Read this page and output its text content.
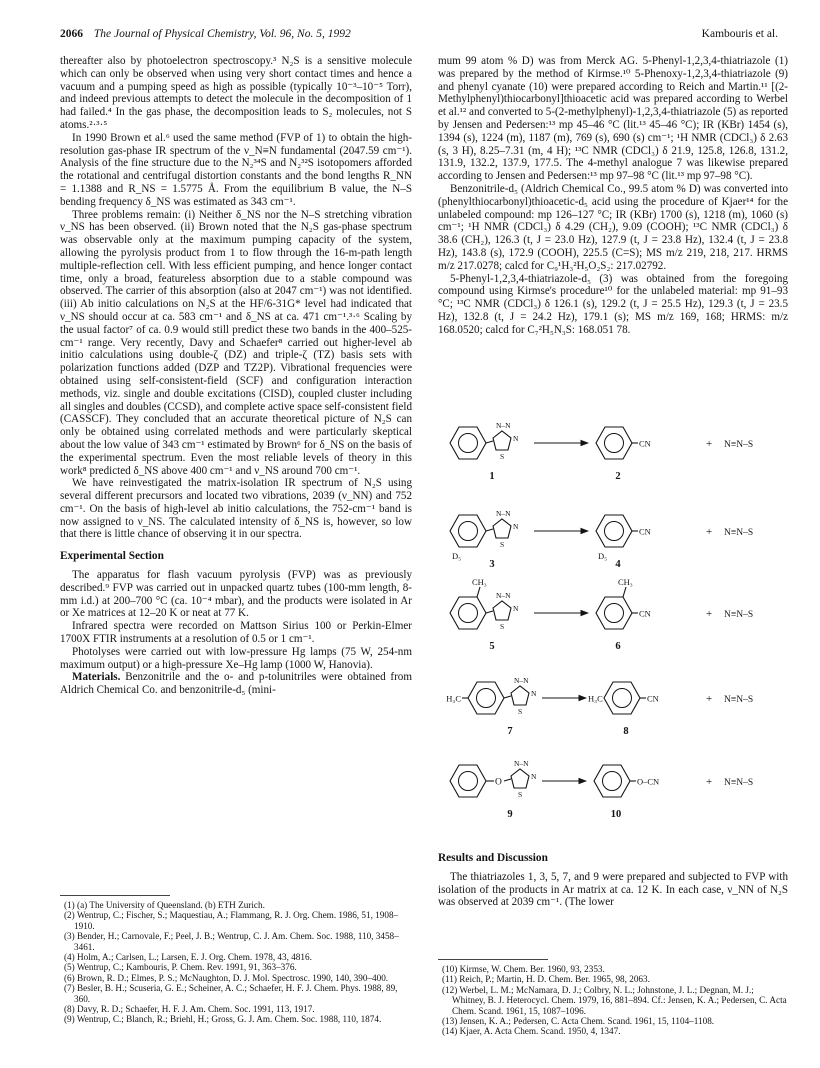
2066 The Journal of Physical Chemistry, Vol. 96, No. 5, 1992	Kambouris et al.

thereafter also by photoelectron spectroscopy.³ N₂S is a sensitive molecule which can only be observed when using very short contact times and hence a vacuum and a pumping speed as high as possible (typically 10⁻³–10⁻⁵ Torr), and indeed previous attempts to detect the molecule in the decomposition of 1 had failed.⁴ In the gas phase, the decomposition leads to S₂ molecules, not S atoms.²·³·⁵

In 1990 Brown et al.⁶ used the same method (FVP of 1) to obtain the high-resolution gas-phase IR spectrum of the ν_N≡N fundamental (2047.59 cm⁻¹). Analysis of the fine structure due to the N₂³⁴S and N₂³²S isotopomers afforded the rotational and centrifugal distortion constants and the bond lengths R_NN = 1.1388 and R_NS = 1.5775 Å. From the equilibrium B value, the N–S bending frequency δ_NS was estimated as 343 cm⁻¹.

Three problems remain: (i) Neither δ_NS nor the N–S stretching vibration ν_NS has been observed. (ii) Brown noted that the N₂S gas-phase spectrum was observable only at the maximum pumping capacity of the system, allowing the pyrolysis product from 1 to flow through the 16-m-path length multiple-reflection cell. With less efficient pumping, and hence longer contact time, only a broad, featureless absorption due to a stable compound was observed. The carrier of this absorption (also at 2047 cm⁻¹) was not identified. (iii) Ab initio calculations on N₂S at the HF/6-31G* level had indicated that ν_NS should occur at ca. 583 cm⁻¹ and δ_NS at ca. 471 cm⁻¹.³·⁶ Scaling by the usual factor⁷ of ca. 0.9 would still predict these two bands in the 400–525-cm⁻¹ range. Very recently, Davy and Schaefer⁸ carried out higher-level ab initio calculations using double-ζ (DZ) and triple-ζ (TZ) basis sets with polarization functions added (DZP and TZ2P). Vibrational frequencies were obtained using self-consistent-field (SCF) and configuration interaction methods, viz. single and double excitations (CISD), coupled cluster including all singles and doubles (CCSD), and complete active space self-consistent field (CASSCF). They concluded that an accurate theoretical picture of N₂S can only be obtained using correlated methods and were particularly skeptical about the low value of 343 cm⁻¹ estimated by Brown⁶ for δ_NS on the basis of the experimental spectrum. Even the most reliable levels of theory in this work⁸ predicted δ_NS above 400 cm⁻¹ and ν_NS around 700 cm⁻¹.

We have reinvestigated the matrix-isolation IR spectrum of N₂S using several different precursors and located two vibrations, 2039 (ν_NN) and 752 cm⁻¹. On the basis of high-level ab initio calculations, the 752-cm⁻¹ band is now assigned to ν_NS. The calculated intensity of δ_NS is, however, so low that there is little chance of observing it in our spectra.

Experimental Section

The apparatus for flash vacuum pyrolysis (FVP) was as previously described.⁹ FVP was carried out in unpacked quartz tubes (100-mm length, 8-mm i.d.) at 200–700 °C (ca. 10⁻⁴ mbar), and the products were isolated in Ar or Xe matrices at 12–20 K or neat at 77 K.

Infrared spectra were recorded on Mattson Sirius 100 or Perkin-Elmer 1700X FTIR instruments at a resolution of 0.5 or 1 cm⁻¹.

Photolyses were carried out with low-pressure Hg lamps (75 W, 254-nm maximum output) or a high-pressure Xe–Hg lamp (1000 W, Hanovia).

Materials. Benzonitrile and the o- and p-tolunitriles were obtained from Aldrich Chemical Co. and benzonitrile-d₅ (mini-

(1) (a) The University of Queensland. (b) ETH Zurich.
(2) Wentrup, C.; Fischer, S.; Maquestiau, A.; Flammang, R. J. Org. Chem. 1986, 51, 1908–1910.
(3) Bender, H.; Carnovale, F.; Peel, J. B.; Wentrup, C. J. Am. Chem. Soc. 1988, 110, 3458–3461.
(4) Holm, A.; Carlsen, L.; Larsen, E. J. Org. Chem. 1978, 43, 4816.
(5) Wentrup, C.; Kambouris, P. Chem. Rev. 1991, 91, 363–376.
(6) Brown, R. D.; Elmes, P. S.; McNaughton, D. J. Mol. Spectrosc. 1990, 140, 390–400.
(7) Besler, B. H.; Scuseria, G. E.; Scheiner, A. C.; Schaefer, H. F. J. Chem. Phys. 1988, 89, 360.
(8) Davy, R. D.; Schaefer, H. F. J. Am. Chem. Soc. 1991, 113, 1917.
(9) Wentrup, C.; Blanch, R.; Briehl, H.; Gross, G. J. Am. Chem. Soc. 1988, 110, 1874.

mum 99 atom % D) was from Merck AG. 5-Phenyl-1,2,3,4-thiatriazole (1) was prepared by the method of Kirmse.¹⁰ 5-Phenoxy-1,2,3,4-thiatriazole (9) and phenyl cyanate (10) were prepared according to Reich and Martin.¹¹ [(2-Methylphenyl)thiocarbonyl]thioacetic acid was prepared according to Werbel et al.¹² and converted to 5-(2-methylphenyl)-1,2,3,4-thiatriazole (5) as reported by Jensen and Pedersen:¹³ mp 45–46 °C (lit.¹³ 45–46 °C); IR (KBr) 1454 (s), 1394 (s), 1224 (m), 1187 (m), 769 (s), 690 (s) cm⁻¹; ¹H NMR (CDCl₃) δ 2.63 (s, 3 H), 8.25–7.31 (m, 4 H); ¹³C NMR (CDCl₃) δ 21.9, 125.8, 126.8, 131.2, 131.9, 132.2, 137.9, 177.5. The 4-methyl analogue 7 was likewise prepared according to Jensen and Pedersen:¹³ mp 97–98 °C (lit.¹³ mp 97–98 °C).

Benzonitrile-d₅ (Aldrich Chemical Co., 99.5 atom % D) was converted into (phenylthiocarbonyl)thioacetic-d₅ acid using the procedure of Kjaer¹⁴ for the unlabeled compound: mp 126–127 °C; IR (KBr) 1700 (s), 1218 (m), 1060 (s) cm⁻¹; ¹H NMR (CDCl₃) δ 4.29 (CH₂), 9.09 (COOH); ¹³C NMR (CDCl₃) δ 38.6 (CH₂), 126.3 (t, J = 23.0 Hz), 127.9 (t, J = 23.8 Hz), 132.4 (t, J = 23.8 Hz), 143.8 (s), 172.9 (COOH), 225.5 (C=S); MS m/z 219, 218, 217. HRMS m/z 217.0278; calcd for C₉¹H₃²H₅O₂S₂: 217.02792.

5-Phenyl-1,2,3,4-thiatriazole-d₅ (3) was obtained from the foregoing compound using Kirmse's procedure¹⁰ for the unlabeled material: mp 91–93 °C; ¹³C NMR (CDCl₃) δ 126.1 (s), 129.2 (t, J = 25.5 Hz), 129.3 (t, J = 23.5 Hz), 132.8 (t, J = 24.2 Hz), 179.1 (s); MS m/z 169, 168; HRMS: m/z 168.0520; calcd for C₇²H₅N₃S: 168.051 78.

N–N
N
S
1
CN
2
+ N≡N–S
D₅
N–N
N
S
3
CN
D₅
4
+ N≡N–S
CH₃
N–N
N
S
5
CN
CH₃
6
+ N≡N–S
H₃C
N–N
N
S
7
H₃C	CN
8
+ N≡N–S
O
N–N
N
S
9
O–CN
10
+ N≡N–S
Results and Discussion

The thiatriazoles 1, 3, 5, 7, and 9 were prepared and subjected to FVP with isolation of the products in Ar matrix at ca. 12 K. In each case, ν_NN of N₂S was observed at 2039 cm⁻¹. (The lower

(10) Kirmse, W. Chem. Ber. 1960, 93, 2353.
(11) Reich, P.; Martin, H. D. Chem. Ber. 1965, 98, 2063.
(12) Werbel, L. M.; McNamara, D. J.; Colbry, N. L.; Johnstone, J. L.; Degnan, M. J.; Whitney, B. J. Heterocycl. Chem. 1979, 16, 881–894. Cf.: Jensen, K. A.; Pedersen, C. Acta Chem. Scand. 1961, 15, 1087–1096.
(13) Jensen, K. A.; Pedersen, C. Acta Chem. Scand. 1961, 15, 1104–1108.
(14) Kjaer, A. Acta Chem. Scand. 1950, 4, 1347.
